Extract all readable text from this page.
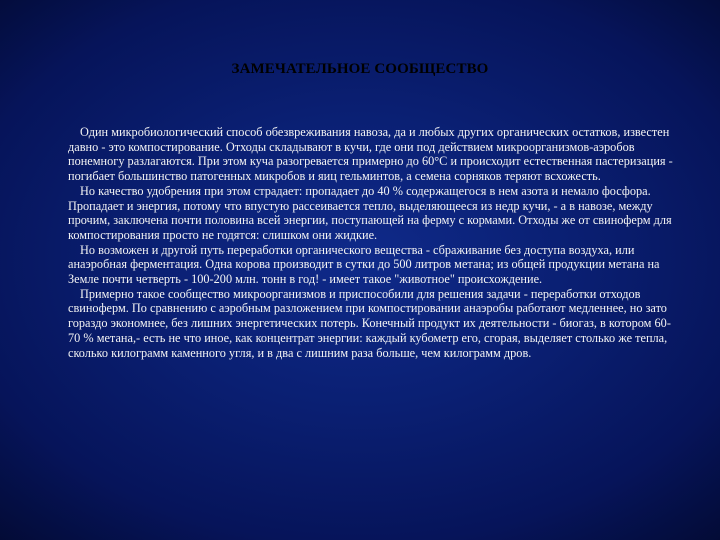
ЗАМЕЧАТЕЛЬНОЕ СООБЩЕСТВО

Один микробиологический способ обезвреживания навоза, да и любых других органических остатков, известен давно - это компостирование. Отходы складывают в кучи, где они под действием микроорганизмов-аэробов понемногу разлагаются. При этом куча разогревается примерно до 60°С и происходит естественная пастеризация - погибает большинство патогенных микробов и яиц гельминтов, а семена сорняков теряют всхожесть.

Но качество удобрения при этом страдает: пропадает до 40 % содержащегося в нем азота и немало фосфора. Пропадает и энергия, потому что впустую рассеивается тепло, выделяющееся из недр кучи, - а в навозе, между прочим, заключена почти половина всей энергии, поступающей на ферму с кормами. Отходы же от свиноферм для компостирования просто не годятся: слишком они жидкие.

Но возможен и другой путь переработки органического вещества - сбраживание без доступа воздуха, или анаэробная ферментация. Одна корова производит в сутки до 500 литров метана; из общей продукции метана на Земле почти четверть - 100-200 млн. тонн в год! - имеет такое "животное" происхождение.

Примерно такое сообщество микроорганизмов и приспособили для решения задачи - переработки отходов свиноферм. По сравнению с аэробным разложением при компостировании анаэробы работают медленнее, но зато гораздо экономнее, без лишних энергетических потерь. Конечный продукт их деятельности - биогаз, в котором 60-70 % метана,- есть не что иное, как концентрат энергии: каждый кубометр его, сгорая, выделяет столько же тепла, сколько килограмм каменного угля, и в два с лишним раза больше, чем килограмм дров.
